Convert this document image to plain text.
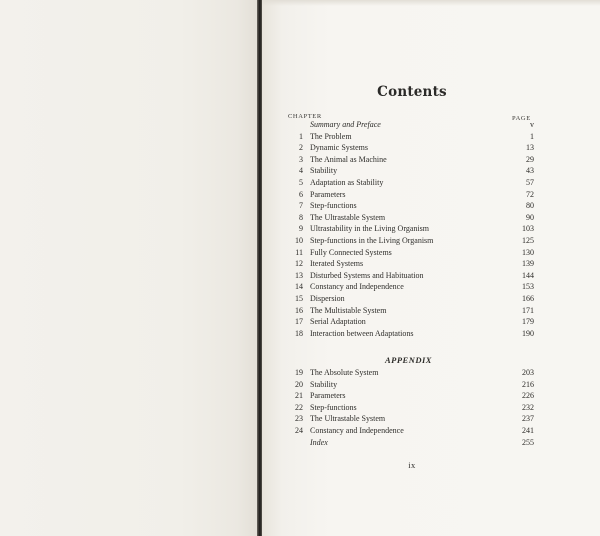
Contents
CHAPTER	PAGE
Summary and Preface	v
1 The Problem	1
2 Dynamic Systems	13
3 The Animal as Machine	29
4 Stability	43
5 Adaptation as Stability	57
6 Parameters	72
7 Step-functions	80
8 The Ultrastable System	90
9 Ultrastability in the Living Organism	103
10 Step-functions in the Living Organism	125
11 Fully Connected Systems	130
12 Iterated Systems	139
13 Disturbed Systems and Habituation	144
14 Constancy and Independence	153
15 Dispersion	166
16 The Multistable System	171
17 Serial Adaptation	179
18 Interaction between Adaptations	190
APPENDIX
19 The Absolute System	203
20 Stability	216
21 Parameters	226
22 Step-functions	232
23 The Ultrastable System	237
24 Constancy and Independence	241
Index	255
ix
